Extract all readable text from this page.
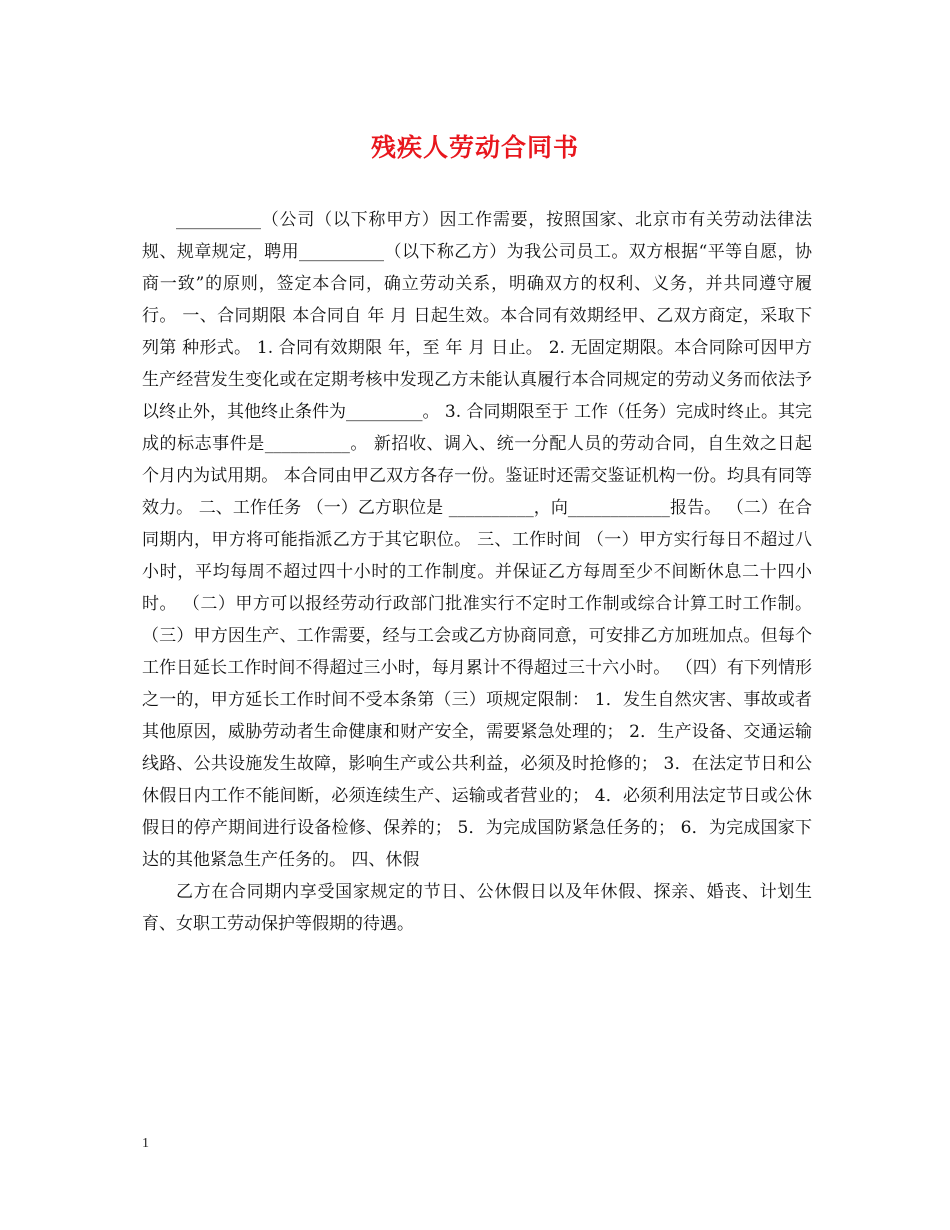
残疾人劳动合同书

__________（公司（以下称甲方）因工作需要，按照国家、北京市有关劳动法律法规、规章规定，聘用__________（以下称乙方）为我公司员工。双方根据“平等自愿，协商一致”的原则，签定本合同，确立劳动关系，明确双方的权利、义务，并共同遵守履行。 一、合同期限 本合同自 年 月 日起生效。本合同有效期经甲、乙双方商定，采取下列第 种形式。 1. 合同有效期限 年，至 年 月 日止。 2. 无固定期限。本合同除可因甲方生产经营发生变化或在定期考核中发现乙方未能认真履行本合同规定的劳动义务而依法予以终止外，其他终止条件为_________。 3. 合同期限至于 工作（任务）完成时终止。其完成的标志事件是__________。 新招收、调入、统一分配人员的劳动合同，自生效之日起 个月内为试用期。 本合同由甲乙双方各存一份。鉴证时还需交鉴证机构一份。均具有同等效力。 二、工作任务 （一）乙方职位是 __________，向____________报告。 （二）在合同期内，甲方将可能指派乙方于其它职位。 三、工作时间 （一）甲方实行每日不超过八小时，平均每周不超过四十小时的工作制度。并保证乙方每周至少不间断休息二十四小时。 （二）甲方可以报经劳动行政部门批准实行不定时工作制或综合计算工时工作制。 （三）甲方因生产、工作需要，经与工会或乙方协商同意，可安排乙方加班加点。但每个工作日延长工作时间不得超过三小时，每月累计不得超过三十六小时。 （四）有下列情形之一的，甲方延长工作时间不受本条第（三）项规定限制： 1．发生自然灾害、事故或者其他原因，威胁劳动者生命健康和财产安全，需要紧急处理的； 2．生产设备、交通运输线路、公共设施发生故障，影响生产或公共利益，必须及时抢修的； 3．在法定节日和公休假日内工作不能间断，必须连续生产、运输或者营业的； 4．必须利用法定节日或公休假日的停产期间进行设备检修、保养的； 5．为完成国防紧急任务的； 6．为完成国家下达的其他紧急生产任务的。 四、休假

乙方在合同期内享受国家规定的节日、公休假日以及年休假、探亲、婚丧、计划生育、女职工劳动保护等假期的待遇。

1
